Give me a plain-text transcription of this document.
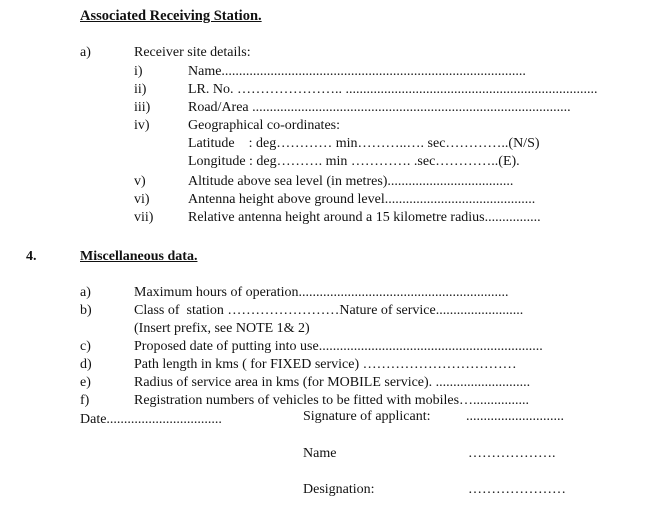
Associated Receiving Station.
a)	Receiver site details:
i)	Name.......................................................................................
ii)	LR. No. ………………….. ........................................................................
iii)	Road/Area ...........................................................................................
iv)	Geographical co-ordinates:
Latitude    : deg………… min………..…. sec…………..(N/S)
Longitude : deg………. min …………. .sec…………..(E).
v)	Altitude above sea level (in metres)....................................
vi)	Antenna height above ground level...........................................
vii) Relative antenna height around a 15 kilometre radius................
4.	Miscellaneous data.
a)	Maximum hours of operation............................................................
b)	Class of  station ……………………Nature of service.........................
(Insert prefix, see NOTE 1& 2)
c)	Proposed date of putting into use................................................................
d)	Path length in kms ( for FIXED service) ……………………………
e)	Radius of service area in kms (for MOBILE service). ...........................
f)	Registration numbers of vehicles to be fitted with mobiles…................
Date.................................	Signature of applicant:	............................
Name	……………….
Designation:	…………………
